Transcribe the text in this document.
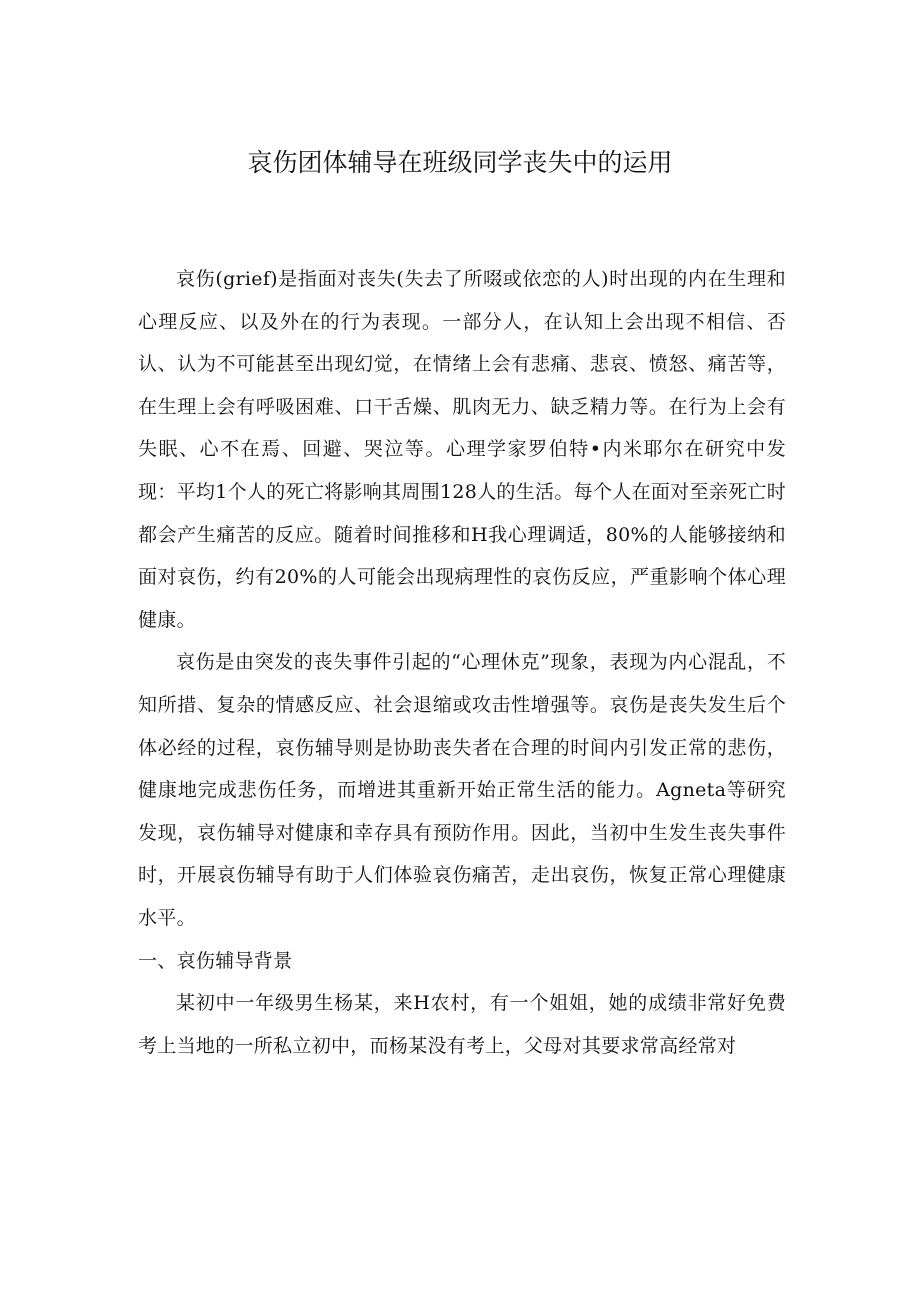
哀伤团体辅导在班级同学丧失中的运用

哀伤(grief)是指面对丧失(失去了所啜或依恋的人)时出现的内在生理和心理反应、以及外在的行为表现。一部分人，在认知上会出现不相信、否认、认为不可能甚至出现幻觉，在情绪上会有悲痛、悲哀、愤怒、痛苦等，在生理上会有呼吸困难、口干舌燥、肌肉无力、缺乏精力等。在行为上会有失眠、心不在焉、回避、哭泣等。心理学家罗伯特•内米耶尔在研究中发现：平均1个人的死亡将影响其周围128人的生活。每个人在面对至亲死亡时都会产生痛苦的反应。随着时间推移和H我心理调适，80%的人能够接纳和面对哀伤，约有20%的人可能会出现病理性的哀伤反应，严重影响个体心理健康。

哀伤是由突发的丧失事件引起的“心理休克”现象，表现为内心混乱，不知所措、复杂的情感反应、社会退缩或攻击性增强等。哀伤是丧失发生后个体必经的过程，哀伤辅导则是协助丧失者在合理的时间内引发正常的悲伤，健康地完成悲伤任务，而增进其重新开始正常生活的能力。Agneta等研究发现，哀伤辅导对健康和幸存具有预防作用。因此，当初中生发生丧失事件时，开展哀伤辅导有助于人们体验哀伤痛苦，走出哀伤，恢复正常心理健康水平。

一、哀伤辅导背景

某初中一年级男生杨某，来H农村，有一个姐姐，她的成绩非常好免费考上当地的一所私立初中，而杨某没有考上，父母对其要求常高经常对
